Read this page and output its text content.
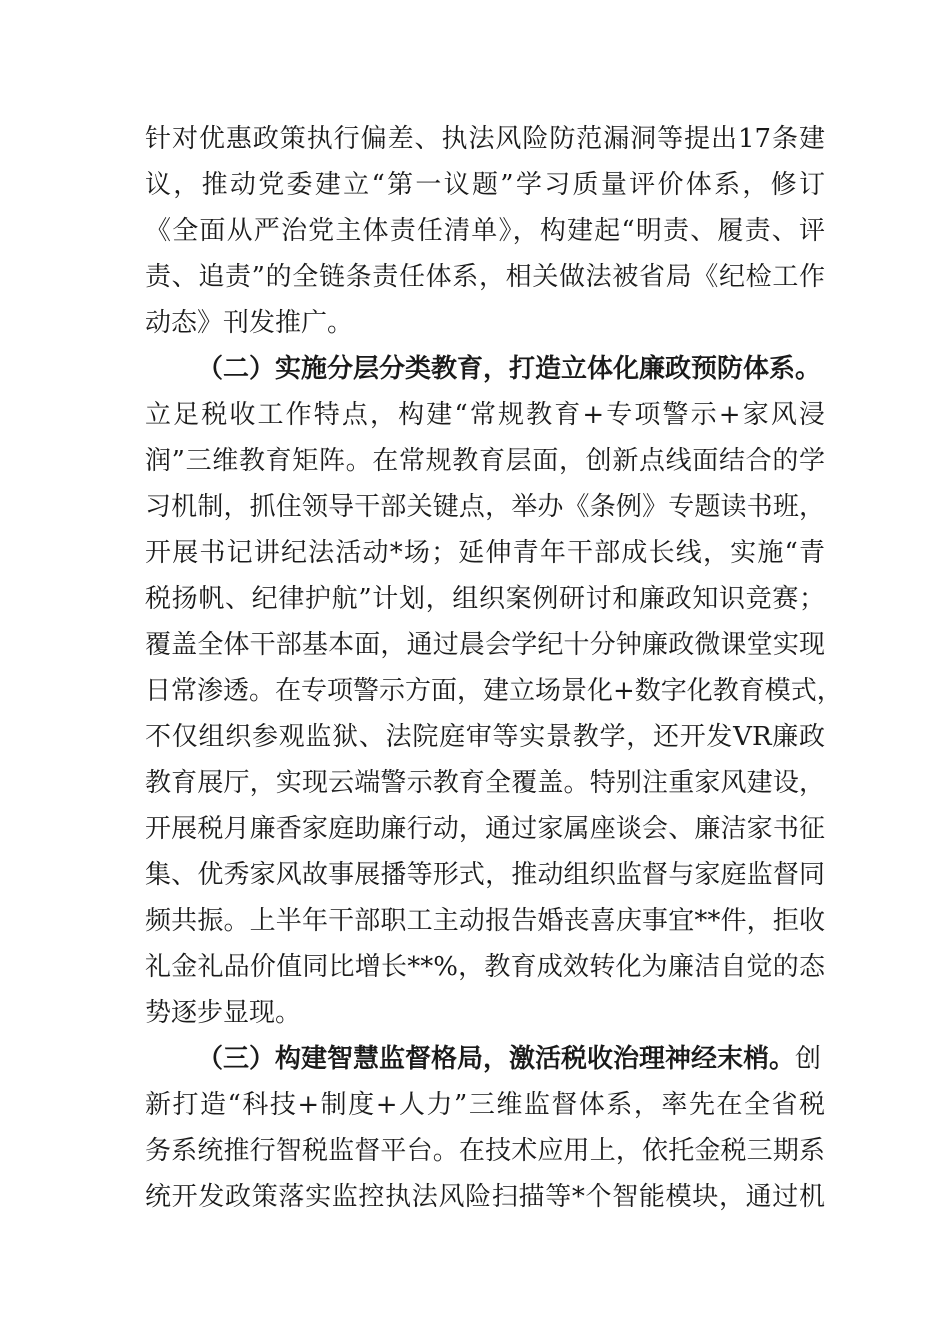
针对优惠政策执行偏差、执法风险防范漏洞等提出17条建
议，推动党委建立“第一议题”学习质量评价体系，修订
《全面从严治党主体责任清单》，构建起“明责、履责、评
责、追责”的全链条责任体系，相关做法被省局《纪检工作
动态》刊发推广。
（二）实施分层分类教育，打造立体化廉政预防体系。
立足税收工作特点，构建“常规教育+专项警示+家风浸
润”三维教育矩阵。在常规教育层面，创新点线面结合的学
习机制，抓住领导干部关键点，举办《条例》专题读书班，
开展书记讲纪法活动*场；延伸青年干部成长线，实施“青
税扬帆、纪律护航”计划，组织案例研讨和廉政知识竞赛；
覆盖全体干部基本面，通过晨会学纪十分钟廉政微课堂实现
日常渗透。在专项警示方面，建立场景化+数字化教育模式，
不仅组织参观监狱、法院庭审等实景教学，还开发VR廉政
教育展厅，实现云端警示教育全覆盖。特别注重家风建设，
开展税月廉香家庭助廉行动，通过家属座谈会、廉洁家书征
集、优秀家风故事展播等形式，推动组织监督与家庭监督同
频共振。上半年干部职工主动报告婚丧喜庆事宜**件，拒收
礼金礼品价值同比增长**%，教育成效转化为廉洁自觉的态
势逐步显现。
（三）构建智慧监督格局，激活税收治理神经末梢。创
新打造“科技+制度+人力”三维监督体系，率先在全省税
务系统推行智税监督平台。在技术应用上，依托金税三期系
统开发政策落实监控执法风险扫描等*个智能模块，通过机
